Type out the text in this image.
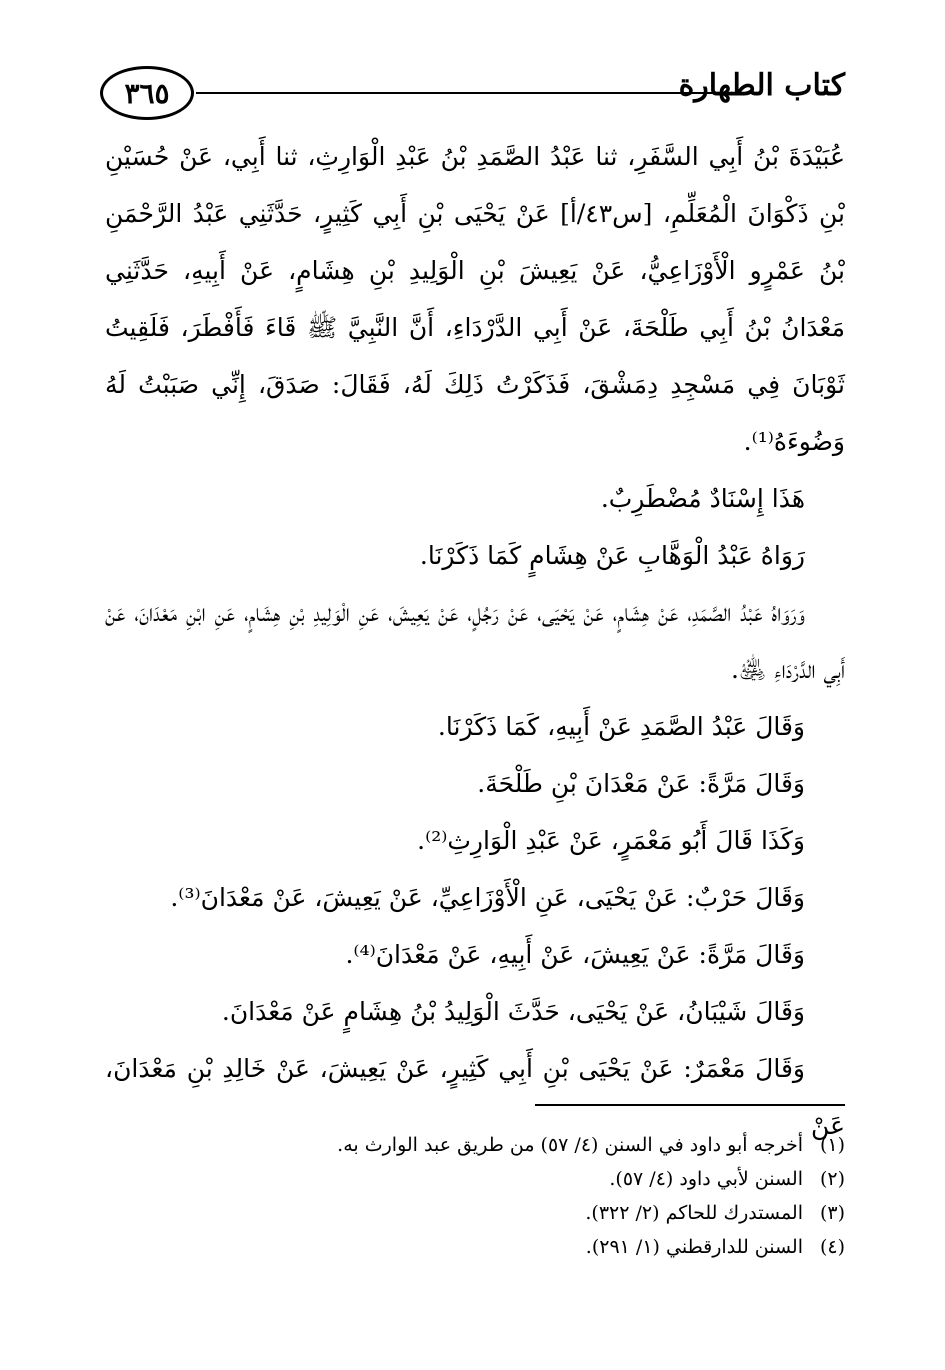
كتاب الطهارة
٣٦٥

عُبَيْدَةَ بْنُ أَبِي السَّفَرِ، ثنا عَبْدُ الصَّمَدِ بْنُ عَبْدِ الْوَارِثِ، ثنا أَبِي، عَنْ حُسَيْنِ بْنِ ذَكْوَانَ الْمُعَلِّمِ، [س٤٣/أ] عَنْ يَحْيَى بْنِ أَبِي كَثِيرٍ، حَدَّثَنِي عَبْدُ الرَّحْمَنِ بْنُ عَمْرٍو الْأَوْزَاعِيُّ، عَنْ يَعِيشَ بْنِ الْوَلِيدِ بْنِ هِشَامٍ، عَنْ أَبِيهِ، حَدَّثَنِي مَعْدَانُ بْنُ أَبِي طَلْحَةَ، عَنْ أَبِي الدَّرْدَاءِ، أَنَّ النَّبِيَّ ﷺ قَاءَ فَأَفْطَرَ، فَلَقِيتُ ثَوْبَانَ فِي مَسْجِدِ دِمَشْقَ، فَذَكَرْتُ ذَلِكَ لَهُ، فَقَالَ: صَدَقَ، إِنِّي صَبَبْتُ لَهُ وَضُوءَهُ⁽¹⁾.

هَذَا إِسْنَادٌ مُضْطَرِبٌ.

رَوَاهُ عَبْدُ الْوَهَّابِ عَنْ هِشَامٍ كَمَا ذَكَرْنَا.

وَرَوَاهُ عَبْدُ الصَّمَدِ، عَنْ هِشَامٍ، عَنْ يَحْيَى، عَنْ رَجُلٍ، عَنْ يَعِيشَ، عَنِ الْوَلِيدِ بْنِ هِشَامٍ، عَنِ ابْنِ مَعْدَانَ، عَنْ أَبِي الدَّرْدَاءِ ﵁.

وَقَالَ عَبْدُ الصَّمَدِ عَنْ أَبِيهِ، كَمَا ذَكَرْنَا.

وَقَالَ مَرَّةً: عَنْ مَعْدَانَ بْنِ طَلْحَةَ.

وَكَذَا قَالَ أَبُو مَعْمَرٍ، عَنْ عَبْدِ الْوَارِثِ⁽²⁾.

وَقَالَ حَرْبٌ: عَنْ يَحْيَى، عَنِ الْأَوْزَاعِيِّ، عَنْ يَعِيشَ، عَنْ مَعْدَانَ⁽³⁾.

وَقَالَ مَرَّةً: عَنْ يَعِيشَ، عَنْ أَبِيهِ، عَنْ مَعْدَانَ⁽⁴⁾.

وَقَالَ شَيْبَانُ، عَنْ يَحْيَى، حَدَّثَ الْوَلِيدُ بْنُ هِشَامٍ عَنْ مَعْدَانَ.

وَقَالَ مَعْمَرٌ: عَنْ يَحْيَى بْنِ أَبِي كَثِيرٍ، عَنْ يَعِيشَ، عَنْ خَالِدِ بْنِ مَعْدَانَ، عَنْ

(١)أخرجه أبو داود في السنن (٤/ ٥٧) من طريق عبد الوارث به.
(٢)السنن لأبي داود (٤/ ٥٧).
(٣)المستدرك للحاكم (٢/ ٣٢٢).
(٤)السنن للدارقطني (١/ ٢٩١).
